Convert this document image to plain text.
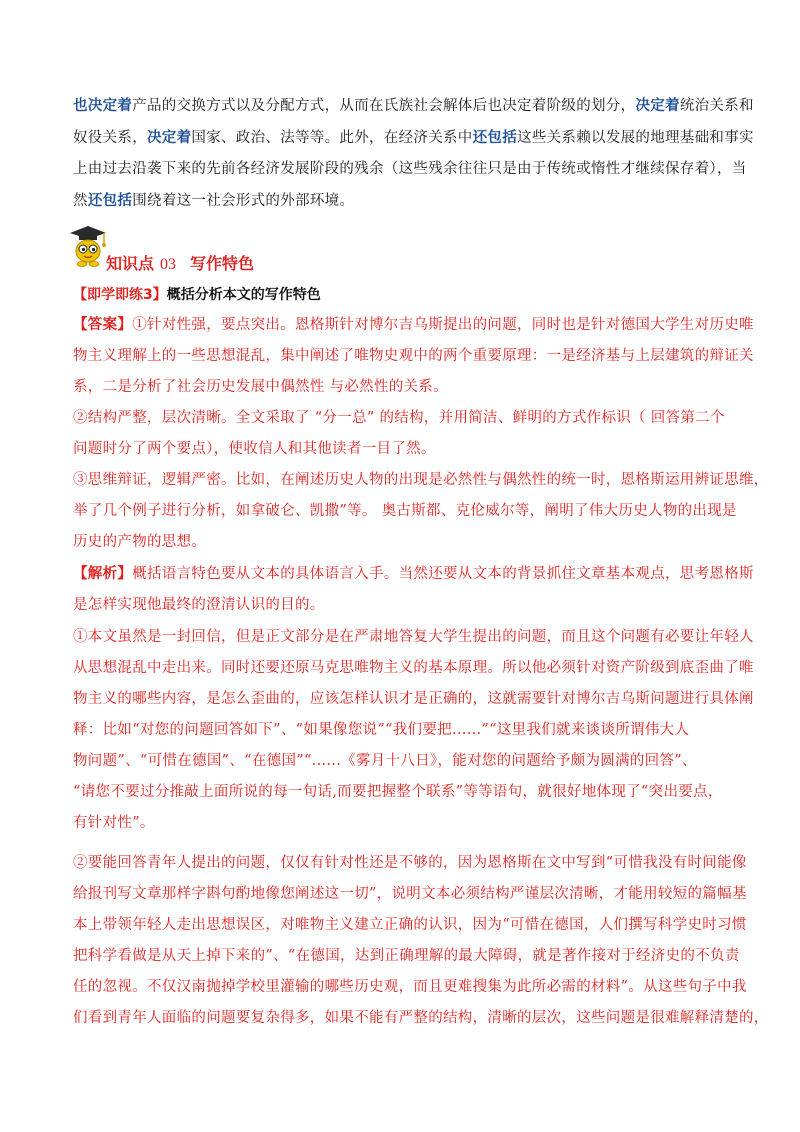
也决定着产品的交换方式以及分配方式，从而在氏族社会解体后也决定着阶级的划分，决定着统治关系和

奴役关系，决定着国家、政治、法等等。此外，在经济关系中还包括这些关系赖以发展的地理基础和事实

上由过去沿袭下来的先前各经济发展阶段的残余（这些残余往往只是由于传统或惰性才继续保存着），当

然还包括围绕着这一社会形式的外部环境。

知识点 03 写作特色
【即学即练3】概括分析本文的写作特色

【答案】①针对性强，要点突出。恩格斯针对博尔吉乌斯提出的问题，同时也是针对德国大学生对历史唯

物主义理解上的一些思想混乱，集中阐述了唯物史观中的两个重要原理：一是经济基与上层建筑的辩证关

系，二是分析了社会历史发展中偶然性 与必然性的关系。

②结构严整，层次清晰。全文采取了 “分一总” 的结构，并用简洁、鲜明的方式作标识（ 回答第二个

问题时分了两个要点），使收信人和其他读者一目了然。

③思维辩证，逻辑严密。比如，在阐述历史人物的出现是必然性与偶然性的统一时，恩格斯运用辨证思维，

举了几个例子进行分析，如拿破仑、凯撒”等。 奥古斯都、克伦威尔等，阐明了伟大历史人物的出现是

历史的产物的思想。

【解析】概括语言特色要从文本的具体语言入手。当然还要从文本的背景抓住文章基本观点，思考恩格斯

是怎样实现他最终的澄清认识的目的。

①本文虽然是一封回信，但是正文部分是在严肃地答复大学生提出的问题，而且这个问题有必要让年轻人

从思想混乱中走出来。同时还要还原马克思唯物主义的基本原理。所以他必须针对资产阶级到底歪曲了唯

物主义的哪些内容，是怎么歪曲的，应该怎样认识才是正确的，这就需要针对博尔吉乌斯问题进行具体阐

释：比如“对您的问题回答如下”、“如果像您说”“我们要把......”“这里我们就来谈谈所谓伟大人

物问题”、“可惜在德国”、“在德国”“......《雾月十八日》，能对您的问题给予颇为圆满的回答”、

“请您不要过分推敲上面所说的每一句话,而要把握整个联系”等等语句，就很好地体现了“突出要点，

有针对性”。

②要能回答青年人提出的问题，仅仅有针对性还是不够的，因为恩格斯在文中写到“可惜我没有时间能像

给报刊写文章那样字斟句酌地像您阐述这一切”，说明文本必须结构严谨层次清晰，才能用较短的篇幅基

本上带领年轻人走出思想误区，对唯物主义建立正确的认识，因为“可惜在德国，人们撰写科学史时习惯

把科学看做是从天上掉下来的”、“在德国，达到正确理解的最大障碍，就是著作接对于经济史的不负责

任的忽视。不仅汉南抛掉学校里灌输的哪些历史观，而且更难搜集为此所必需的材料”。从这些句子中我

们看到青年人面临的问题要复杂得多，如果不能有严整的结构，清晰的层次，这些问题是很难解释清楚的，
